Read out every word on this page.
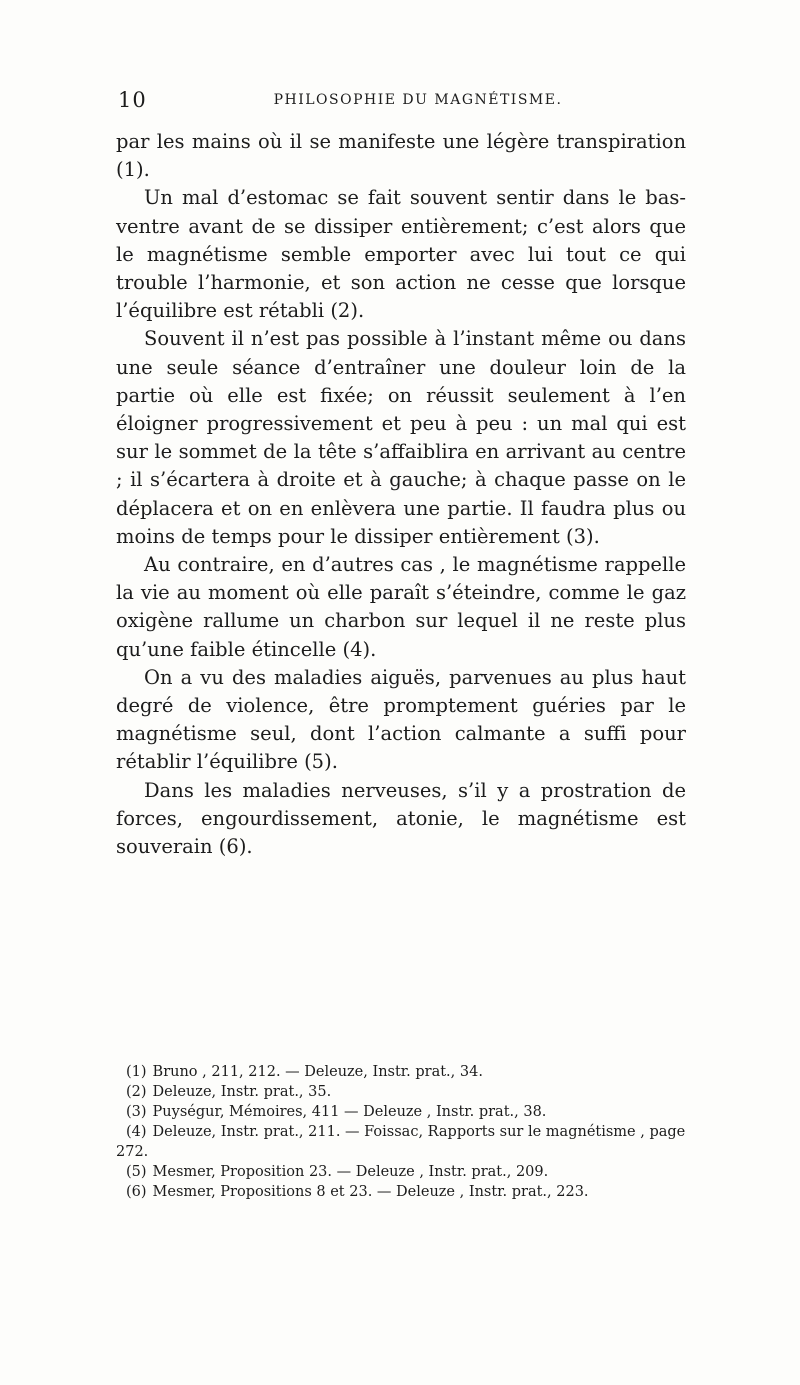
10	PHILOSOPHIE DU MAGNÉTISME.

par les mains où il se manifeste une légère transpiration (1).

Un mal d’estomac se fait souvent sentir dans le bas-ventre avant de se dissiper entièrement; c’est alors que le magnétisme semble emporter avec lui tout ce qui trouble l’harmonie, et son action ne cesse que lorsque l’équilibre est rétabli (2).

Souvent il n’est pas possible à l’instant même ou dans une seule séance d’entraîner une douleur loin de la partie où elle est fixée; on réussit seulement à l’en éloigner progressivement et peu à peu : un mal qui est sur le sommet de la tête s’affaiblira en arrivant au centre ; il s’écartera à droite et à gauche; à chaque passe on le déplacera et on en enlèvera une partie. Il faudra plus ou moins de temps pour le dissiper entièrement (3).

Au contraire, en d’autres cas , le magnétisme rappelle la vie au moment où elle paraît s’éteindre, comme le gaz oxigène rallume un charbon sur lequel il ne reste plus qu’une faible étincelle (4).

On a vu des maladies aiguës, parvenues au plus haut degré de violence, être promptement guéries par le magnétisme seul, dont l’action calmante a suffi pour rétablir l’équilibre (5).

Dans les maladies nerveuses, s’il y a prostration de forces, engourdissement, atonie, le magnétisme est souverain (6).

(1) Bruno , 211, 212. — Deleuze, Instr. prat., 34.

(2) Deleuze, Instr. prat., 35.

(3) Puységur, Mémoires, 411 — Deleuze , Instr. prat., 38.

(4) Deleuze, Instr. prat., 211. — Foissac, Rapports sur le magnétisme , page 272.

(5) Mesmer, Proposition 23. — Deleuze , Instr. prat., 209.

(6) Mesmer, Propositions 8 et 23. — Deleuze , Instr. prat., 223.
